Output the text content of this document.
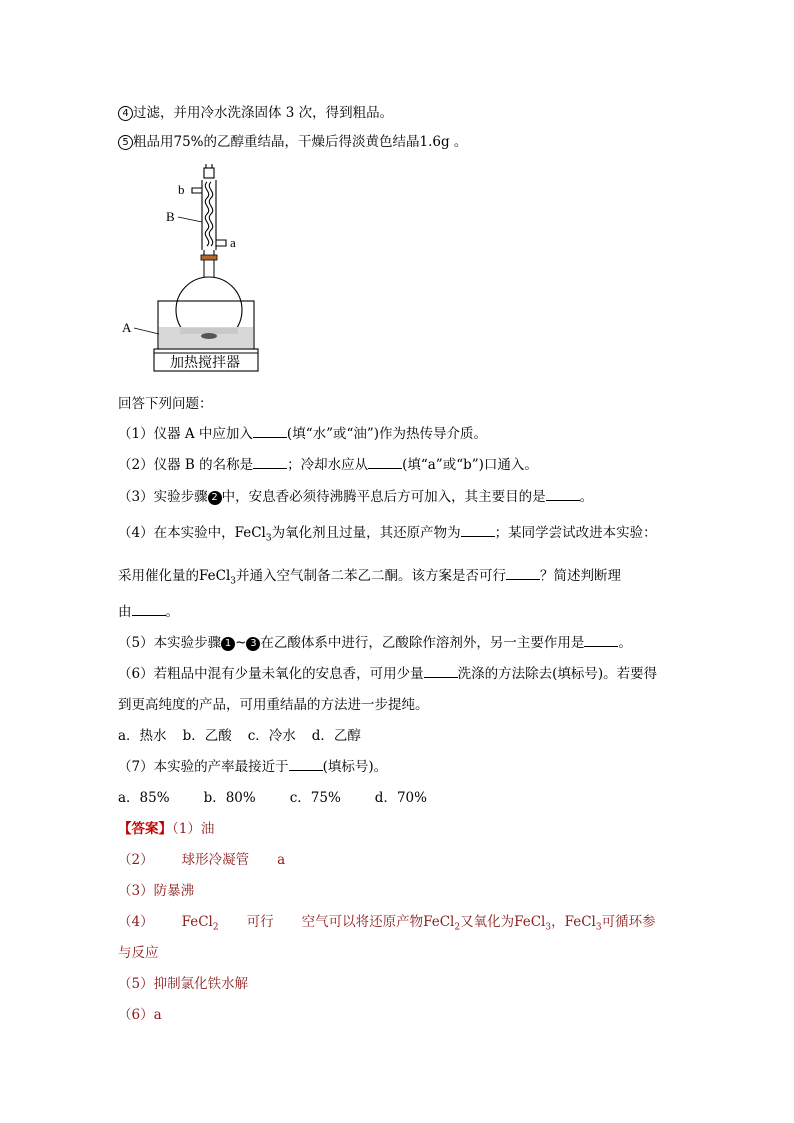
4 过滤，并用冷水洗涤固体 3 次，得到粗品。
5 粗品用75%的乙醇重结晶，干燥后得淡黄色结晶1.6g 。
b
B
a
A
加热搅拌器
回答下列问题：
（1）仪器 A 中应加入	(填“水”或“油”)作为热传导介质。
（2）仪器 B 的名称是	；冷却水应从	(填“a”或“b”)口通入。
（3）实验步骤 2 中，安息香必须待沸腾平息后方可加入，其主要目的是	。
（4）在本实验中，FeCl$_3$为氧化剂且过量，其还原产物为	；某同学尝试改进本实验：
采用催化量的FeCl$_3$并通入空气制备二苯乙二酮。该方案是否可行	？简述判断理
由	。
（5）本实验步骤 1 ~ 3 在乙酸体系中进行，乙酸除作溶剂外，另一主要作用是	。
（6）若粗品中混有少量未氧化的安息香，可用少量	洗涤的方法除去(填标号)。若要得
到更高纯度的产品，可用重结晶的方法进一步提纯。
a．热水 b．乙酸 c．冷水 d．乙醇
（7）本实验的产率最接近于	(填标号)。
a．85%	b．80%	c．75%	d．70%
【答案】（1）油
（2） 球形冷凝管 a
（3）防暴沸
（4） FeCl$_2$ 可行 空气可以将还原产物FeCl$_2$又氧化为FeCl$_3$，FeCl$_3$可循环参
与反应
（5）抑制氯化铁水解
（6）a
